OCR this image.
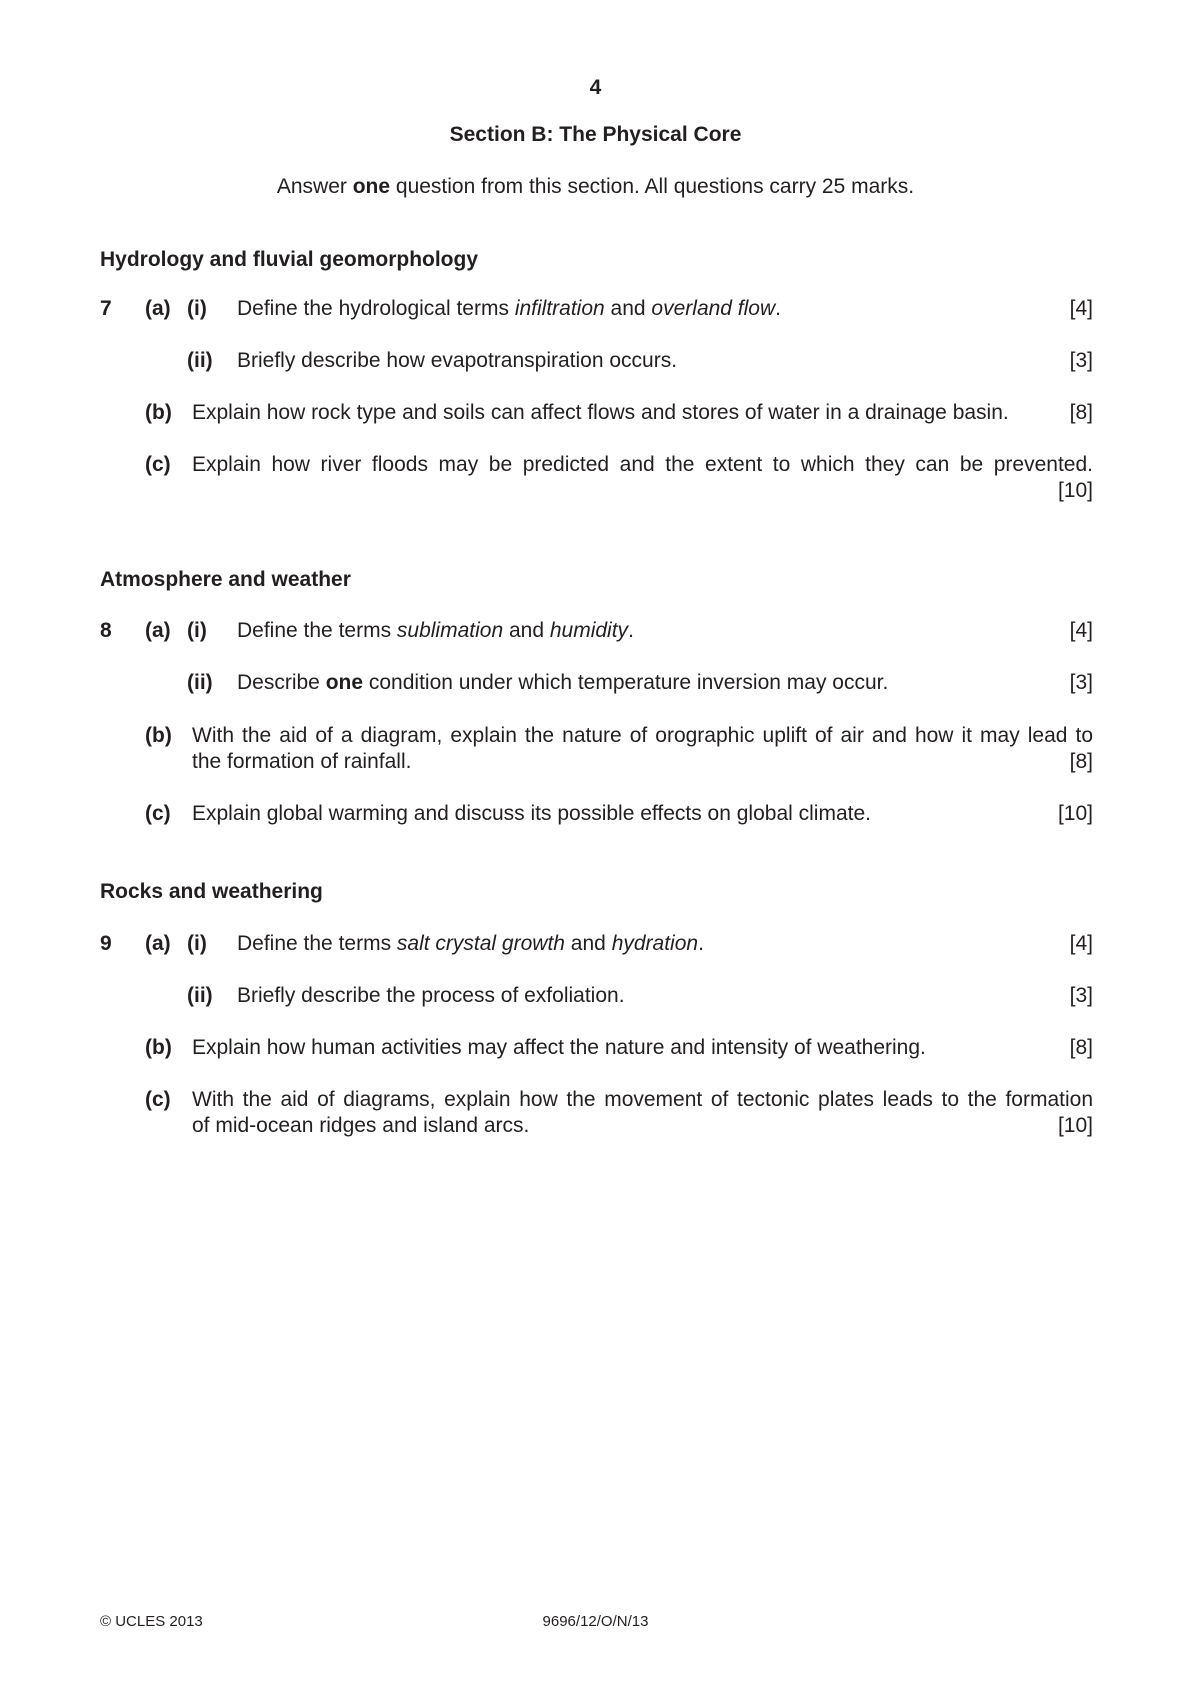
4
Section B: The Physical Core
Answer one question from this section. All questions carry 25 marks.
Hydrology and fluvial geomorphology
7 (a) (i) Define the hydrological terms infiltration and overland flow.	[4]
(ii) Briefly describe how evapotranspiration occurs.	[3]
(b) Explain how rock type and soils can affect flows and stores of water in a drainage basin.	[8]
(c) Explain how river floods may be predicted and the extent to which they can be prevented.
[10]
Atmosphere and weather
8 (a) (i) Define the terms sublimation and humidity.	[4]
(ii) Describe one condition under which temperature inversion may occur.	[3]
(b) With the aid of a diagram, explain the nature of orographic uplift of air and how it may lead to
the formation of rainfall.	[8]
(c) Explain global warming and discuss its possible effects on global climate.	[10]
Rocks and weathering
9 (a) (i) Define the terms salt crystal growth and hydration.	[4]
(ii) Briefly describe the process of exfoliation.	[3]
(b) Explain how human activities may affect the nature and intensity of weathering.	[8]
(c) With the aid of diagrams, explain how the movement of tectonic plates leads to the formation
of mid-ocean ridges and island arcs.	[10]
© UCLES 2013	9696/12/O/N/13
